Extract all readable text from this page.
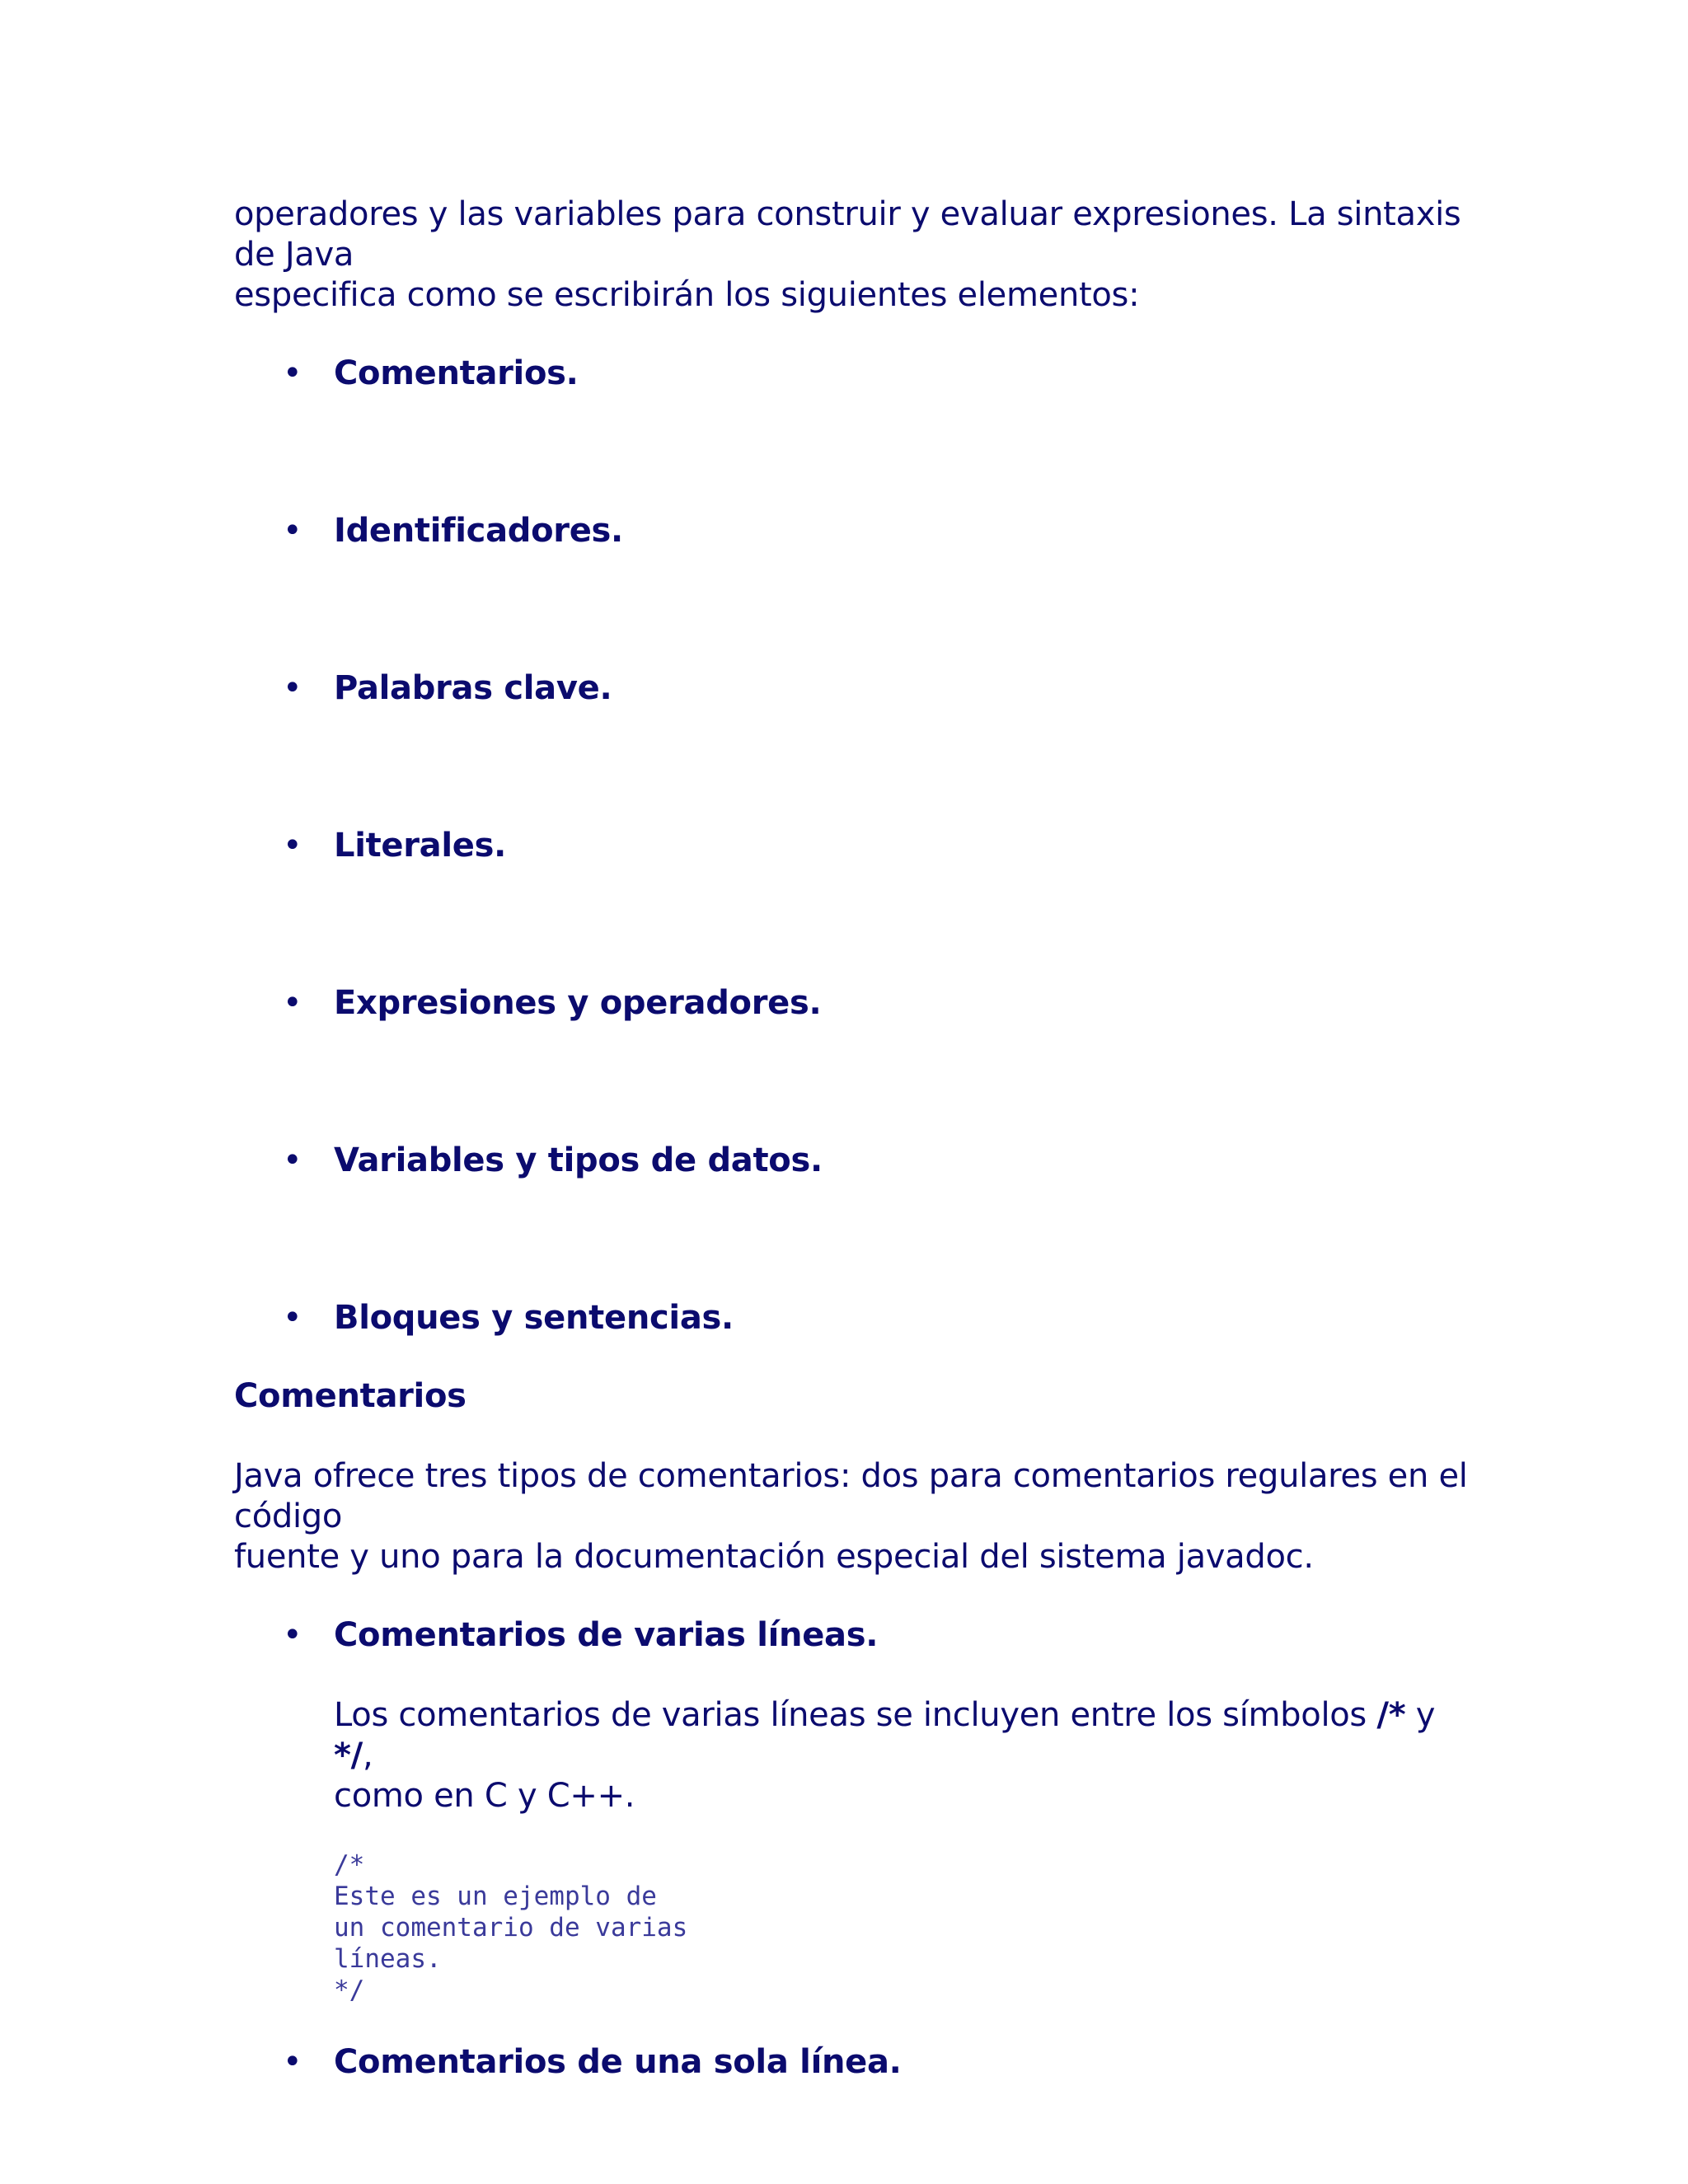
operadores y las variables para construir y evaluar expresiones. La sintaxis de Java
especifica como se escribirán los siguientes elementos:

• Comentarios.
• Identificadores.
• Palabras clave.
• Literales.
• Expresiones y operadores.
• Variables y tipos de datos.
• Bloques y sentencias.
Comentarios

Java ofrece tres tipos de comentarios: dos para comentarios regulares en el código
fuente y uno para la documentación especial del sistema javadoc.

• Comentarios de varias líneas.

Los comentarios de varias líneas se incluyen entre los símbolos /* y */,
como en C y C++.

/*
Este es un ejemplo de
un comentario de varias
líneas.
*/
• Comentarios de una sola línea.
